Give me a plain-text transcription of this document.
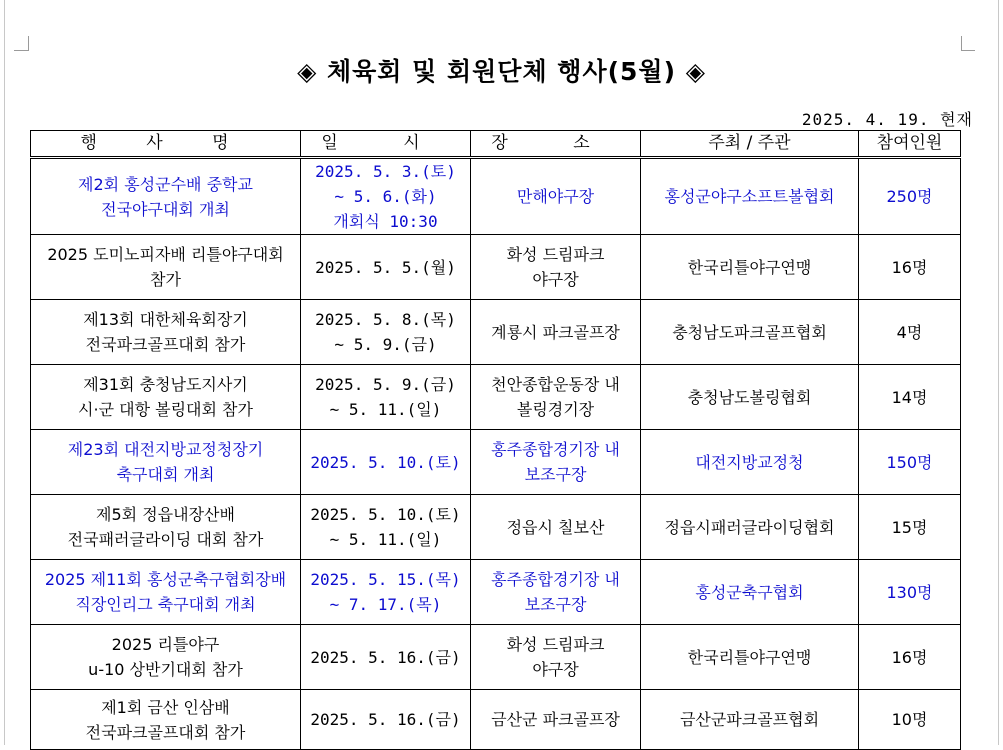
◈ 체육회 및 회원단체 행사(5월) ◈
2025. 4. 19. 현재
행 사 명	일 시	장 소	주최 / 주관	참여인원

제2회 홍성군수배 중학교
전국야구대회 개최	2025. 5. 3.(토)
~ 5. 6.(화)
개회식 10:30	만해야구장	홍성군야구소프트볼협회	250명

2025 도미노피자배 리틀야구대회
참가	2025. 5. 5.(월)	화성 드림파크
야구장	한국리틀야구연맹	16명

제13회 대한체육회장기
전국파크골프대회 참가	2025. 5. 8.(목)
~ 5. 9.(금)	계룡시 파크골프장	충청남도파크골프협회	4명

제31회 충청남도지사기
시·군 대항 볼링대회 참가	2025. 5. 9.(금)
~ 5. 11.(일)	천안종합운동장 내
볼링경기장	충청남도볼링협회	14명

제23회 대전지방교정청장기
축구대회 개최	2025. 5. 10.(토)	홍주종합경기장 내
보조구장	대전지방교정청	150명

제5회 정읍내장산배
전국패러글라이딩 대회 참가	2025. 5. 10.(토)
~ 5. 11.(일)	정읍시 칠보산	정읍시패러글라이딩협회	15명

2025 제11회 홍성군축구협회장배
직장인리그 축구대회 개최	2025. 5. 15.(목)
~ 7. 17.(목)	홍주종합경기장 내
보조구장	홍성군축구협회	130명

2025 리틀야구
u-10 상반기대회 참가	2025. 5. 16.(금)	화성 드림파크
야구장	한국리틀야구연맹	16명

제1회 금산 인삼배
전국파크골프대회 참가	2025. 5. 16.(금)	금산군 파크골프장	금산군파크골프협회	10명
